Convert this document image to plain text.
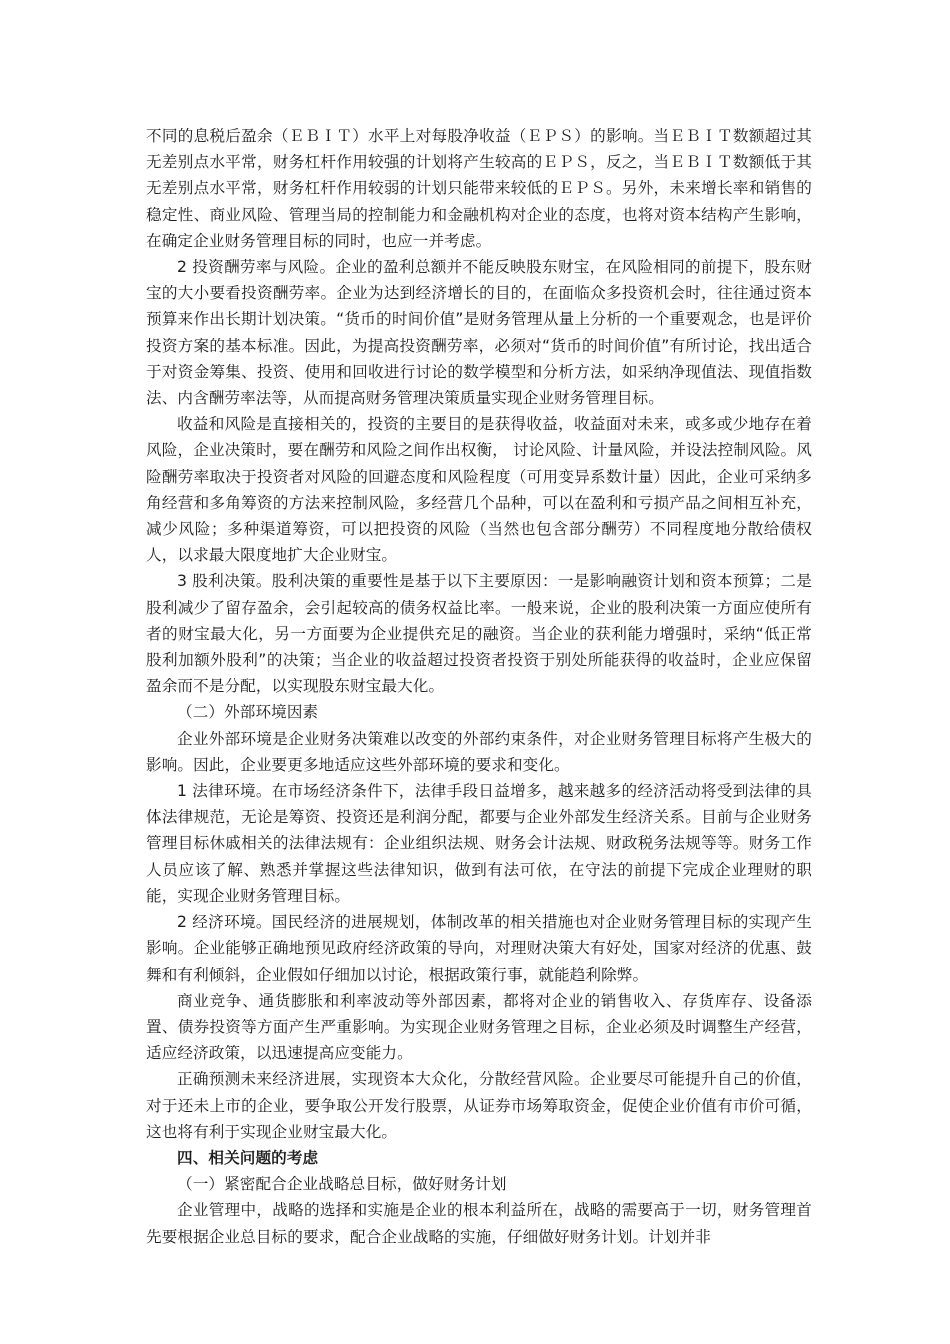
不同的息税后盈余（ＥＢＩＴ）水平上对每股净收益（ＥＰＳ）的影响。当ＥＢＩＴ数额超过其无差别点水平常，财务杠杆作用较强的计划将产生较高的ＥＰＳ，反之，当ＥＢＩＴ数额低于其无差别点水平常，财务杠杆作用较弱的计划只能带来较低的ＥＰＳ。另外，未来增长率和销售的稳定性、商业风险、管理当局的控制能力和金融机构对企业的态度，也将对资本结构产生影响，在确定企业财务管理目标的同时，也应一并考虑。

2 投资酬劳率与风险。企业的盈利总额并不能反映股东财宝，在风险相同的前提下，股东财宝的大小要看投资酬劳率。企业为达到经济增长的目的，在面临众多投资机会时，往往通过资本预算来作出长期计划决策。“货币的时间价值”是财务管理从量上分析的一个重要观念，也是评价投资方案的基本标准。因此，为提高投资酬劳率，必须对“货币的时间价值”有所讨论，找出适合于对资金筹集、投资、使用和回收进行讨论的数学模型和分析方法，如采纳净现值法、现值指数法、内含酬劳率法等，从而提高财务管理决策质量实现企业财务管理目标。

收益和风险是直接相关的，投资的主要目的是获得收益，收益面对未来，或多或少地存在着风险，企业决策时，要在酬劳和风险之间作出权衡， 讨论风险、计量风险，并设法控制风险。风险酬劳率取决于投资者对风险的回避态度和风险程度（可用变异系数计量）因此，企业可采纳多角经营和多角筹资的方法来控制风险，多经营几个品种，可以在盈利和亏损产品之间相互补充，减少风险；多种渠道筹资，可以把投资的风险（当然也包含部分酬劳）不同程度地分散给债权人，以求最大限度地扩大企业财宝。

3 股利决策。股利决策的重要性是基于以下主要原因：一是影响融资计划和资本预算；二是股利减少了留存盈余，会引起较高的债务权益比率。一般来说，企业的股利决策一方面应使所有者的财宝最大化，另一方面要为企业提供充足的融资。当企业的获利能力增强时，采纳“低正常股利加额外股利”的决策；当企业的收益超过投资者投资于别处所能获得的收益时，企业应保留盈余而不是分配，以实现股东财宝最大化。

（二）外部环境因素

企业外部环境是企业财务决策难以改变的外部约束条件，对企业财务管理目标将产生极大的影响。因此，企业要更多地适应这些外部环境的要求和变化。

1 法律环境。在市场经济条件下，法律手段日益增多，越来越多的经济活动将受到法律的具体法律规范，无论是筹资、投资还是利润分配，都要与企业外部发生经济关系。目前与企业财务管理目标休戚相关的法律法规有：企业组织法规、财务会计法规、财政税务法规等等。财务工作人员应该了解、熟悉并掌握这些法律知识，做到有法可依，在守法的前提下完成企业理财的职能，实现企业财务管理目标。

2 经济环境。国民经济的进展规划，体制改革的相关措施也对企业财务管理目标的实现产生影响。企业能够正确地预见政府经济政策的导向，对理财决策大有好处，国家对经济的优惠、鼓舞和有利倾斜，企业假如仔细加以讨论，根据政策行事，就能趋利除弊。

商业竞争、通货膨胀和利率波动等外部因素，都将对企业的销售收入、存货库存、设备添置、债券投资等方面产生严重影响。为实现企业财务管理之目标，企业必须及时调整生产经营，适应经济政策，以迅速提高应变能力。

正确预测未来经济进展，实现资本大众化，分散经营风险。企业要尽可能提升自己的价值，对于还未上市的企业，要争取公开发行股票，从证券市场筹取资金，促使企业价值有市价可循，这也将有利于实现企业财宝最大化。

四、相关问题的考虑

（一）紧密配合企业战略总目标，做好财务计划

企业管理中，战略的选择和实施是企业的根本利益所在，战略的需要高于一切，财务管理首先要根据企业总目标的要求，配合企业战略的实施，仔细做好财务计划。计划并非
